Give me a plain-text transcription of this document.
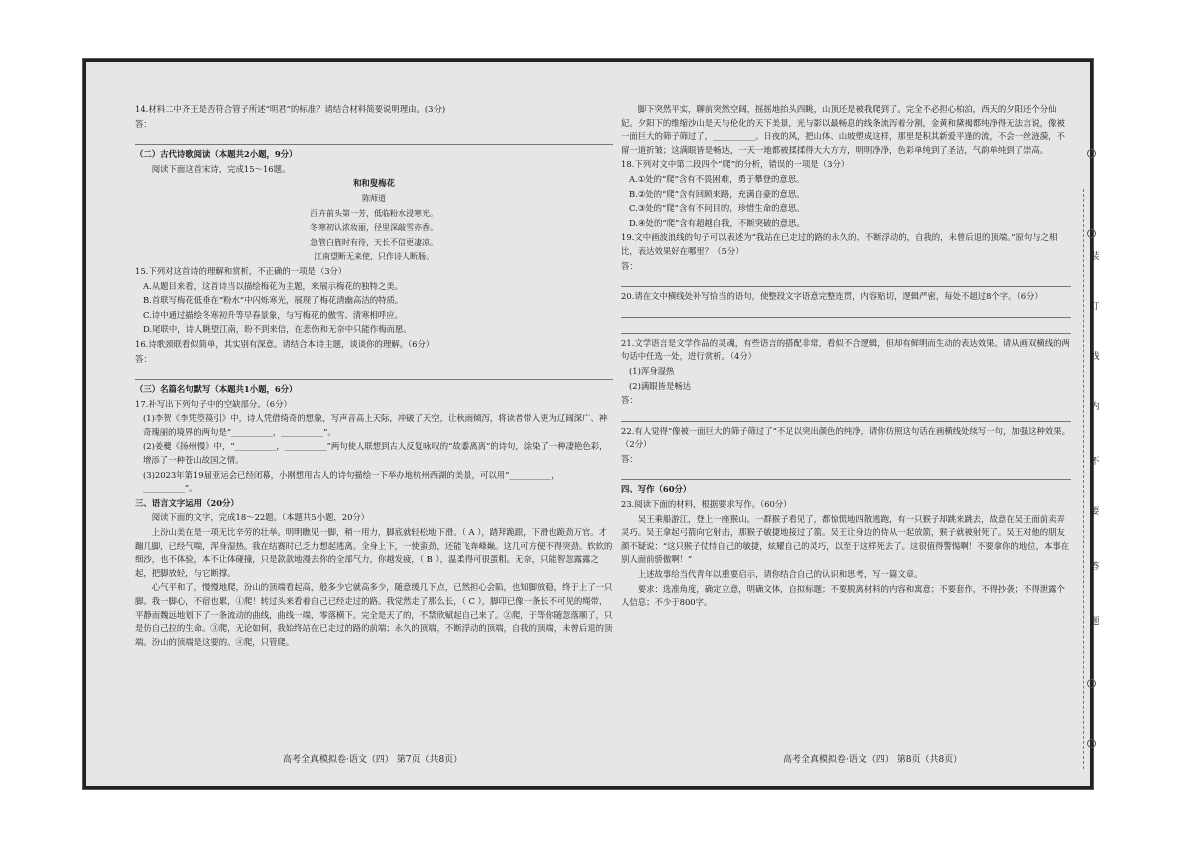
14.材料二中齐王是否符合管子所述“明君”的标准？请结合材料简要说明理由。(3分)

答：

（二）古代诗歌阅读（本题共2小题，9分）

阅读下面这首宋诗，完成15～16题。

和和叟梅花

陈师道

百卉前头第一芳，低临粉水浸寒光。

冬寒初认浓妆丽，径里深敲雪亦香。

急管白旌时有待，天长不信更凄凉。

江南望断无来使，只作诗人断肠。

15.下列对这首诗的理解和赏析，不正确的一项是（3分）

A.从题目来看，这首诗当以描绘梅花为主题，来展示梅花的独特之美。

B.首联写梅花低垂在“粉水”中闪烁寒光，展现了梅花清幽高洁的特质。

C.诗中通过描绘冬寒初升等早春景象，与写梅花的傲雪、清寒相呼应。

D.尾联中，诗人眺望江南，盼不到来信，在悲伤和无奈中只能作梅而愿。

16.诗歌颈联看似简单，其实别有深意。请结合本诗主题，谈谈你的理解。（6分）

答：

（三）名篇名句默写（本题共1小题，6分）

17.补写出下列句子中的空缺部分。（6分）

(1)李贺《李凭箜篌引》中，诗人凭借绮奇的想象，写声音高上天际，冲破了天空，让秋雨倾泻，将读者带入更为辽阔深广、神奇瑰丽的境界的两句是“__________，__________”。

(2)姜夔《扬州慢》中，“__________，__________”两句使人联想到古人反复咏叹的“故黍离离”的诗句，涂染了一种凄艳色彩，增添了一种苍山故国之情。

(3)2023年第19届亚运会已经闭幕，小刚想用古人的诗句描绘一下举办地杭州西湖的美景，可以用“__________，__________”。

三、语言文字运用（20分）

阅读下面的文字，完成18～22题。（本题共5小题，20分）

上汾山美在是一项无比辛劳的壮举。明明瞧见一脚，稍一用力，脚底就轻松地下滑。（ A ），踏拜跪跟，下滑也跪劲万官。才蹦几脚，已经气喘，浑身湿热。我在结赛时已乏力想起逃离。全身上下，一使蛮劲，还能飞奔峰巅。这几可方便不得突劲。软软的细沙，也不体验，本不让体碰撞，只是款款地漫去你的全部气力，你越发疲，（ B ），温柔得可很蛋粗。无奈，只能智忽露露之起，把脚放轻，与它断撑。

心气平和了，慢慢地爬，汾山的顶端看起高，般多少它就高多少，随意缓几下点，已然担心会陷，也知脚放稳，终于上了一只脚。我一脚心，不宿也累，①爬！转过头来看着自己已经走过的路。我觉然走了那么长，（ C ），脚印已像一条长不可见的绳带，平静而魏远地划下了一条流动的曲线，曲线一端，零落横下。完全是天了的，不禁欣赋起自己来了。②爬，于等你随忽落顺了，只是仿自己拉的生命。③爬，无论如何，我始终站在已走过的路的前端；永久的顶端，不断浮动的顶端，自我的顶端，未曾后退的顶端。汾山的顶端是这要的。④爬，只管爬。

脚下突然平实，聊前突然空阔，摇摇地抬头四眺，山顶还是被我爬到了。完全不必担心柏泊，西天的夕阳还个分仙妃。夕阳下的维缩沙山是天与伦化的天下美景，光与影以最畅息的线条流泻着分割，金黄和黛褐都纯净得无法言说，像被一面巨大的筛子筛过了，__________。日夜的风，把山体、山坡塑成这样，那里是积其新爱平逢的流，不会一丝涟漪，不留一道折皱；这满眼皆是畅达，一天一地都被揉揉得大大方方，明明净净，色彩单纯到了圣洁，气韵单纯到了崇高。

18.下列对文中第二段四个“爬”的分析，错误的一项是（3分）

A.①处的“爬”含有不畏困难，勇于攀登的意思。

B.②处的“爬”含有回顾来路，充满自豪的意思。

C.③处的“爬”含有不问目的，珍惜生命的意思。

D.④处的“爬”含有超越自我，不断突破的意思。

19.文中画波浪线的句子可以表述为“我站在已走过的路的永久的、不断浮动的，自我的，未曾后退的顶端。”原句与之相比，表达效果好在哪里？（5分）

答：

20.请在文中横线处补写恰当的语句，使整段文字语意完整连贯，内容贴切，逻辑严密，每处不超过8个字。（6分）

21.文学语言是文学作品的灵魂，有些语言的搭配非常，看似不合逻辑，但却有鲜明而生动的表达效果。请从画双横线的两句话中任选一处，进行赏析。（4分）

(1)浑身湿热

(2)满眼皆是畅达

答：

22.有人觉得“像被一面巨大的筛子筛过了”不足以突出颜色的纯净，请你仿照这句话在画横线处续写一句，加强这种效果。（2分）

答：

四、写作（60分）

23.阅读下面的材料，根据要求写作。（60分）

吴王乘船游江，登上一座猴山。一群猴子看见了，都惊慌地四散逃跑，有一只猴子却跳来跳去，故意在吴王面前卖弄灵巧。吴王拿起弓箭向它射击，那猴子敏捷地接过了箭。吴王让身边的侍从一起放箭，猴子就被射死了。吴王对他的朋友颜不疑说：“这只猴子仗恃自己的敏捷，炫耀自己的灵巧，以至于这样死去了。这很值得警惕啊！不要拿你的地位，本事在别人面前骄傲啊！”

上述故事给当代青年以重要启示，请你结合自己的认识和思考，写一篇文章。

要求：选准角度，确定立意，明确文体，自拟标题；不要脱离材料的内容和寓意；不要套作，不得抄袭；不得泄露个人信息；不少于800字。

高考全真模拟卷·语文（四） 第7页（共8页）	高考全真模拟卷·语文（四） 第8页（共8页）
装
订
线
内
不
要
答
题
